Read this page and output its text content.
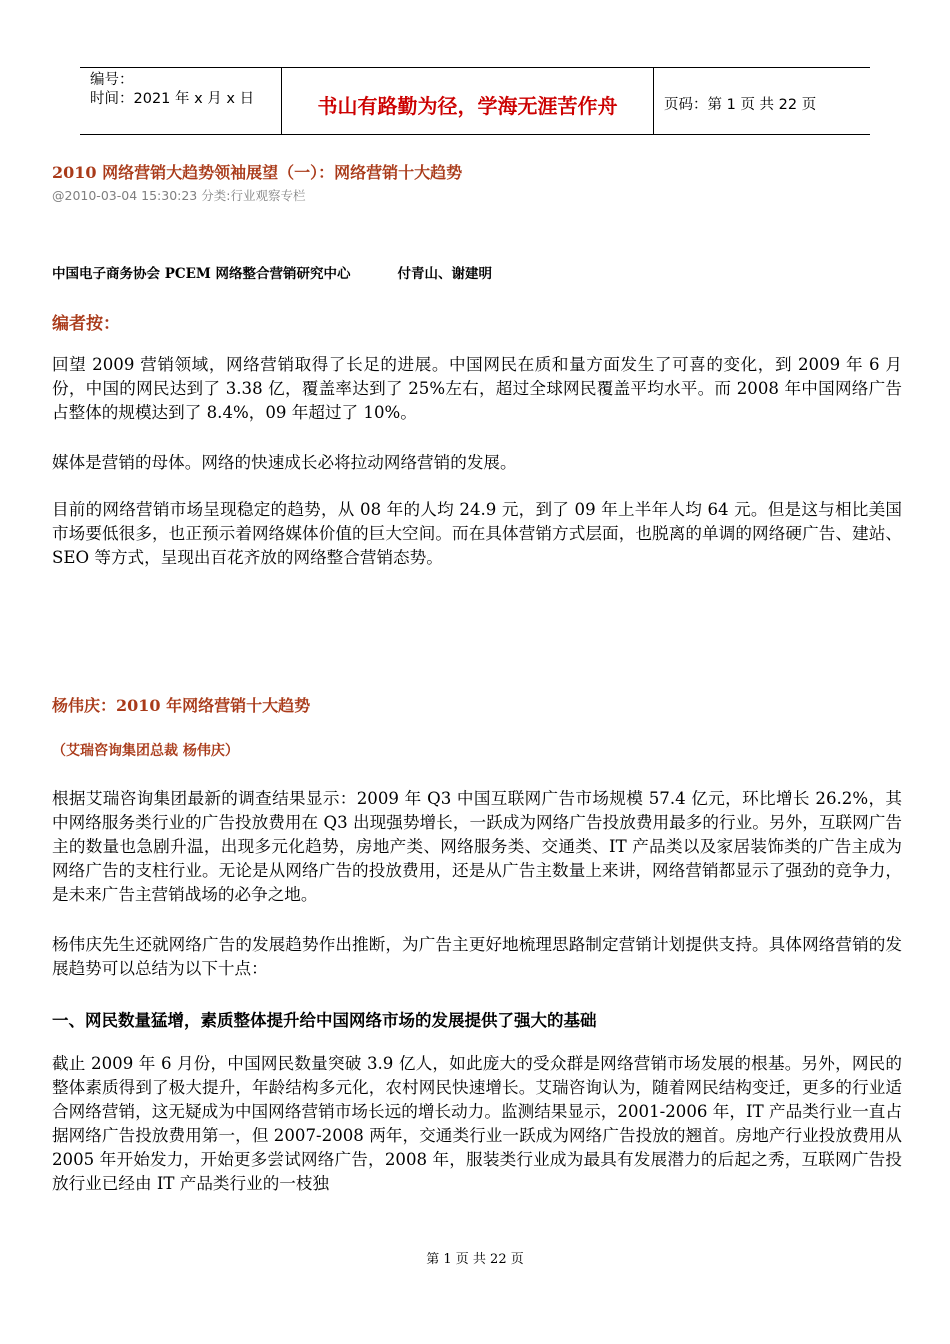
编号：
时间：2021 年 x 月 x 日	书山有路勤为径，学海无涯苦作舟	页码：第 1 页 共 22 页
2010 网络营销大趋势领袖展望（一）：网络营销十大趋势
@2010-03-04 15:30:23 分类:行业观察专栏
中国电子商务协会 PCEM 网络整合营销研究中心          付青山、谢建明
编者按：
回望 2009 营销领域，网络营销取得了长足的进展。中国网民在质和量方面发生了可喜的变化，到 2009 年 6 月份，中国的网民达到了 3.38 亿，覆盖率达到了 25%左右，超过全球网民覆盖平均水平。而 2008 年中国网络广告占整体的规模达到了 8.4%，09 年超过了 10%。
媒体是营销的母体。网络的快速成长必将拉动网络营销的发展。
目前的网络营销市场呈现稳定的趋势，从 08 年的人均 24.9 元，到了 09 年上半年人均 64 元。但是这与相比美国市场要低很多，也正预示着网络媒体价值的巨大空间。而在具体营销方式层面，也脱离的单调的网络硬广告、建站、SEO 等方式，呈现出百花齐放的网络整合营销态势。
杨伟庆：2010 年网络营销十大趋势
（艾瑞咨询集团总裁 杨伟庆）
根据艾瑞咨询集团最新的调查结果显示：2009 年 Q3 中国互联网广告市场规模 57.4 亿元，环比增长 26.2%，其中网络服务类行业的广告投放费用在 Q3 出现强势增长，一跃成为网络广告投放费用最多的行业。另外，互联网广告主的数量也急剧升温，出现多元化趋势，房地产类、网络服务类、交通类、IT 产品类以及家居装饰类的广告主成为网络广告的支柱行业。无论是从网络广告的投放费用，还是从广告主数量上来讲，网络营销都显示了强劲的竞争力，是未来广告主营销战场的必争之地。
杨伟庆先生还就网络广告的发展趋势作出推断，为广告主更好地梳理思路制定营销计划提供支持。具体网络营销的发展趋势可以总结为以下十点：
一、网民数量猛增，素质整体提升给中国网络市场的发展提供了强大的基础
截止 2009 年 6 月份，中国网民数量突破 3.9 亿人，如此庞大的受众群是网络营销市场发展的根基。另外，网民的整体素质得到了极大提升，年龄结构多元化，农村网民快速增长。艾瑞咨询认为，随着网民结构变迁，更多的行业适合网络营销，这无疑成为中国网络营销市场长远的增长动力。监测结果显示，2001-2006 年，IT 产品类行业一直占据网络广告投放费用第一，但 2007-2008 两年，交通类行业一跃成为网络广告投放的翘首。房地产行业投放费用从 2005 年开始发力，开始更多尝试网络广告，2008 年，服装类行业成为最具有发展潜力的后起之秀，互联网广告投放行业已经由 IT 产品类行业的一枝独
第 1 页 共 22 页
